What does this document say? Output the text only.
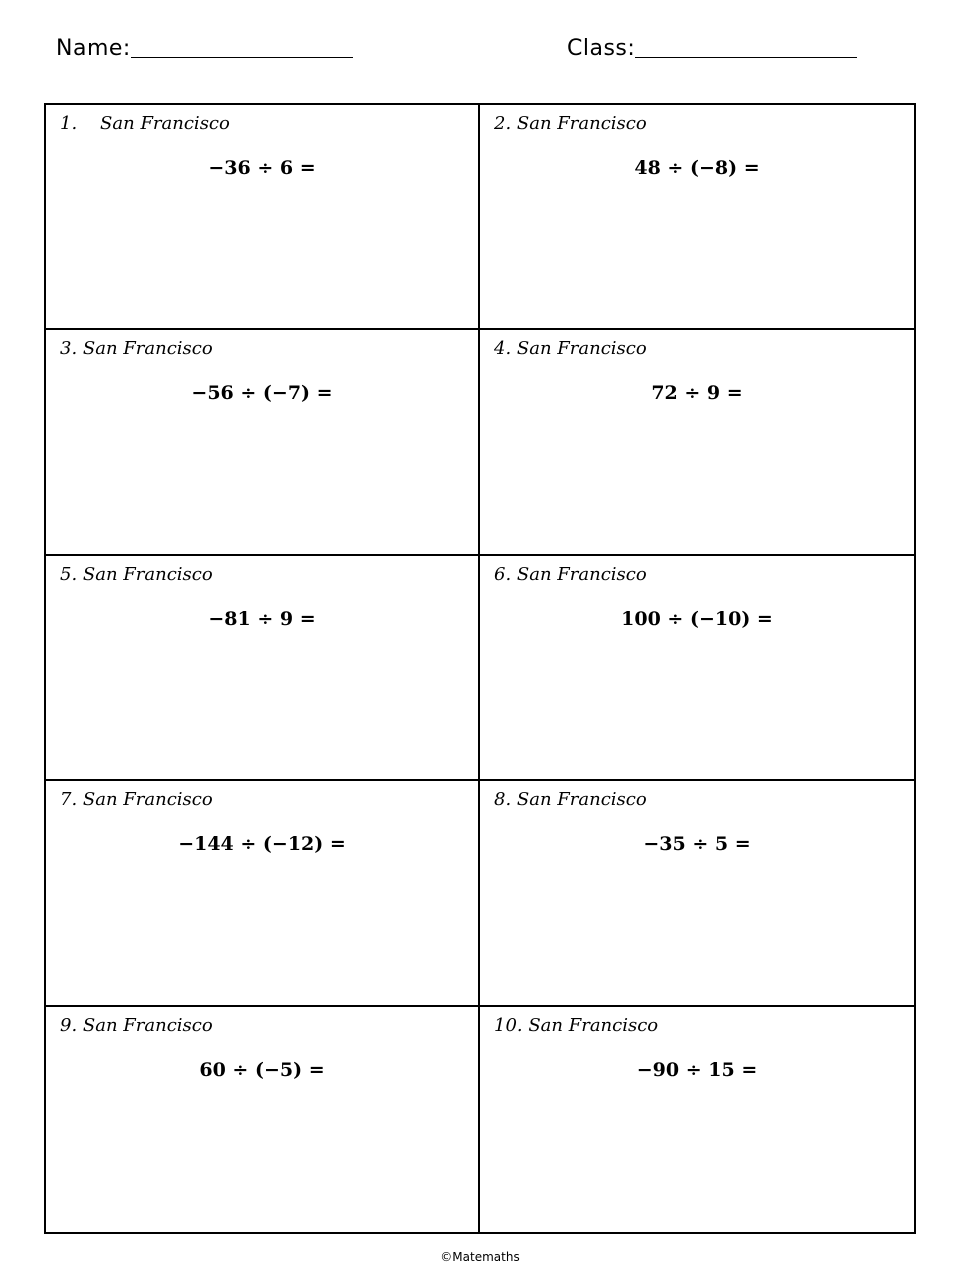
Name:	Class:
1.    San Francisco
−36 ÷ 6 =
2. San Francisco
48 ÷ (−8) =
3. San Francisco
−56 ÷ (−7) =
4. San Francisco
72 ÷ 9 =
5. San Francisco
−81 ÷ 9 =
6. San Francisco
100 ÷ (−10) =
7. San Francisco
−144 ÷ (−12) =
8. San Francisco
−35 ÷ 5 =
9. San Francisco
60 ÷ (−5) =
10. San Francisco
−90 ÷ 15 =
©Matemaths
